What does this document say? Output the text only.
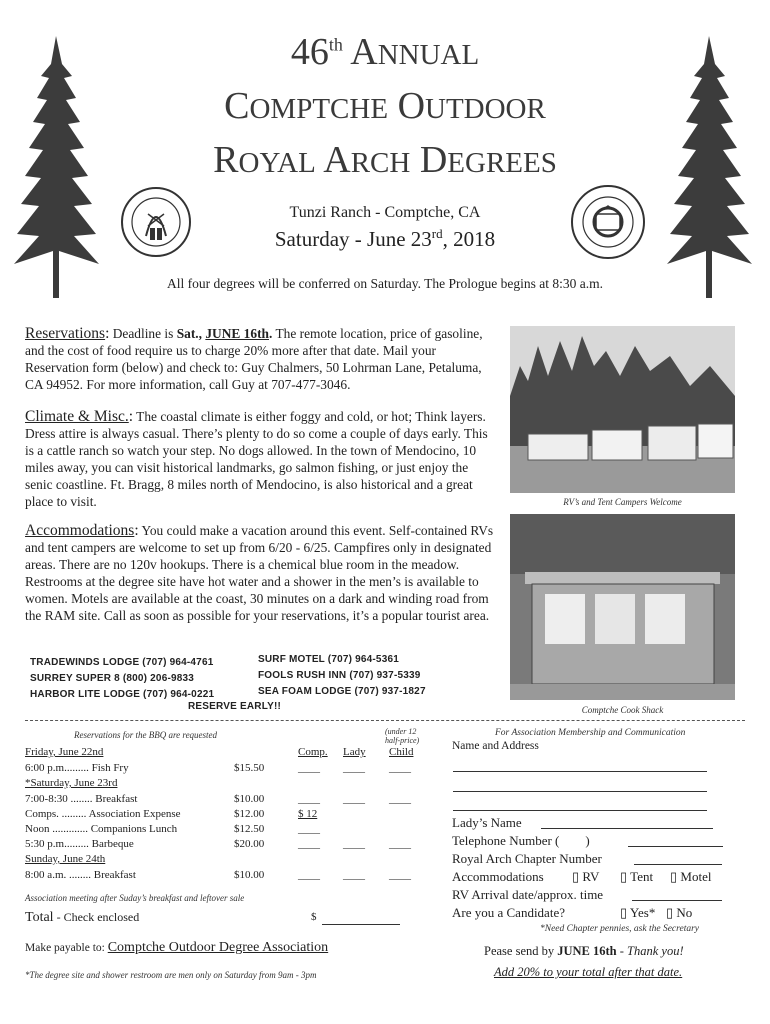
46th ANNUAL
COMPTCHE OUTDOOR
ROYAL ARCH DEGREES
Tunzi Ranch - Comptche, CA
Saturday - June 23rd, 2018
All four degrees will be conferred on Saturday. The Prologue begins at 8:30 a.m.
Reservations: Deadline is Sat., JUNE 16th. The remote location, price of gasoline, and the cost of food require us to charge 20% more after that date. Mail your Reservation form (below) and check to: Guy Chalmers, 50 Lohrman Lane, Petaluma, CA 94952. For more information, call Guy at 707-477-3046.
Climate & Misc.: The coastal climate is either foggy and cold, or hot; Think layers. Dress attire is always casual. There’s plenty to do so come a couple of days early. This is a cattle ranch so watch your step. No dogs allowed. In the town of Mendocino, 10 miles away, you can visit historical landmarks, go salmon fishing, or just enjoy the senic coastline. Ft. Bragg, 8 miles north of Mendocino, is also historical and a great place to visit.
Accommodations: You could make a vacation around this event. Self-contained RVs and tent campers are welcome to set up from 6/20 - 6/25. Campfires only in designated areas. There are no 120v hookups. There is a chemical blue room in the meadow. Restrooms at the degree site have hot water and a shower in the men’s is available to women. Motels are available at the coast, 30 minutes on a dark and winding road from the RAM site. Call as soon as possible for your reservations, it’s a popular tourist area.
TRADEWINDS LODGE (707) 964-4761
SURREY SUPER 8 (800) 206-9833
HARBOR LITE LODGE (707) 964-0221
SURF MOTEL (707) 964-5361
FOOLS RUSH INN (707) 937-5339
SEA FOAM LODGE (707) 937-1827
RESERVE EARLY!!
RV’s and Tent Campers Welcome
Comptche Cook Shack
Reservations for the BBQ are requested	(under 12
half-price)
Comp. Lady Child
Friday, June 22nd
6:00 p.m......... Fish Fry	$15.50	____ ____ ____
*Saturday, June 23rd
7:00-8:30 ........ Breakfast	$10.00	____ ____ ____
Comps. ......... Association Expense	$12.00	$ 12
Noon ............. Companions Lunch	$12.50	____
5:30 p.m......... Barbeque	$20.00	____ ____ ____
Sunday, June 24th
8:00 a.m. ........ Breakfast	$10.00	____ ____ ____
Association meeting after Suday’s breakfast and leftover sale
Total - Check enclosed	$
Make payable to: Comptche Outdoor Degree Association
*The degree site and shower restroom are men only on Saturday from 9am - 3pm
For Association Membership and Communication
Name and Address
Lady’s Name
Telephone Number ( )
Royal Arch Chapter Number
Accommodations ▯ RV ▯ Tent ▯ Motel
RV Arrival date/approx. time
Are you a Candidate?	▯ Yes* ▯ No
*Need Chapter pennies, ask the Secretary
Pease send by JUNE 16th - Thank you!
Add 20% to your total after that date.
